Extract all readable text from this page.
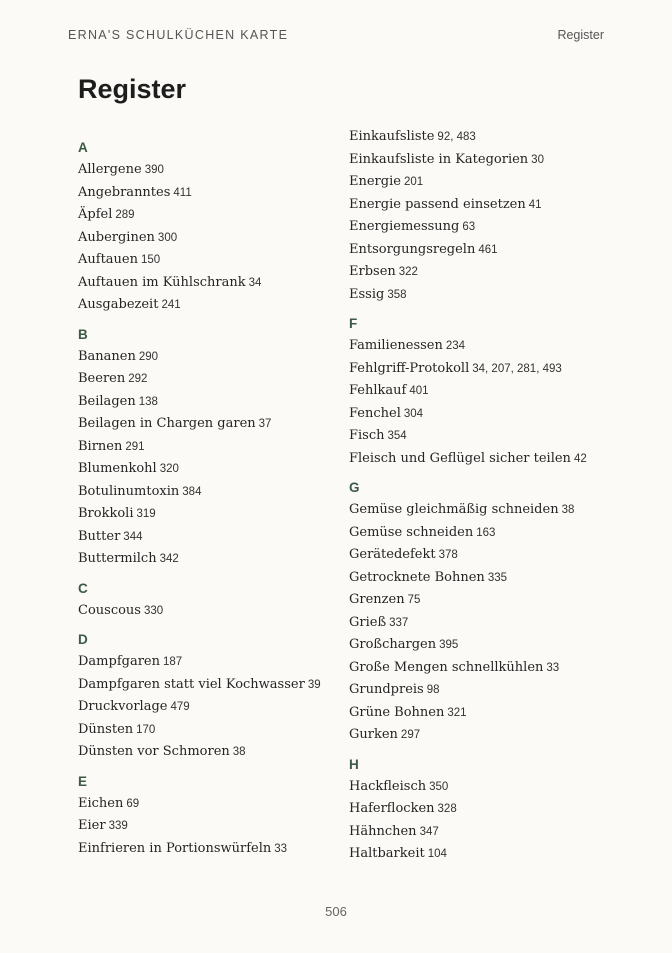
ERNA'S SCHULKÜCHEN KARTE	Register
Register
A
Allergene 390
Angebranntes 411
Äpfel 289
Auberginen 300
Auftauen 150
Auftauen im Kühlschrank 34
Ausgabezeit 241
B
Bananen 290
Beeren 292
Beilagen 138
Beilagen in Chargen garen 37
Birnen 291
Blumenkohl 320
Botulinumtoxin 384
Brokkoli 319
Butter 344
Buttermilch 342
C
Couscous 330
D
Dampfgaren 187
Dampfgaren statt viel Kochwasser 39
Druckvorlage 479
Dünsten 170
Dünsten vor Schmoren 38
E
Eichen 69
Eier 339
Einfrieren in Portionswürfeln 33
Einkaufsliste 92, 483
Einkaufsliste in Kategorien 30
Energie 201
Energie passend einsetzen 41
Energiemessung 63
Entsorgungsregeln 461
Erbsen 322
Essig 358
F
Familienessen 234
Fehlgriff-Protokoll 34, 207, 281, 493
Fehlkauf 401
Fenchel 304
Fisch 354
Fleisch und Geflügel sicher teilen 42
G
Gemüse gleichmäßig schneiden 38
Gemüse schneiden 163
Gerätedefekt 378
Getrocknete Bohnen 335
Grenzen 75
Grieß 337
Großchargen 395
Große Mengen schnellkühlen 33
Grundpreis 98
Grüne Bohnen 321
Gurken 297
H
Hackfleisch 350
Haferflocken 328
Hähnchen 347
Haltbarkeit 104
506
